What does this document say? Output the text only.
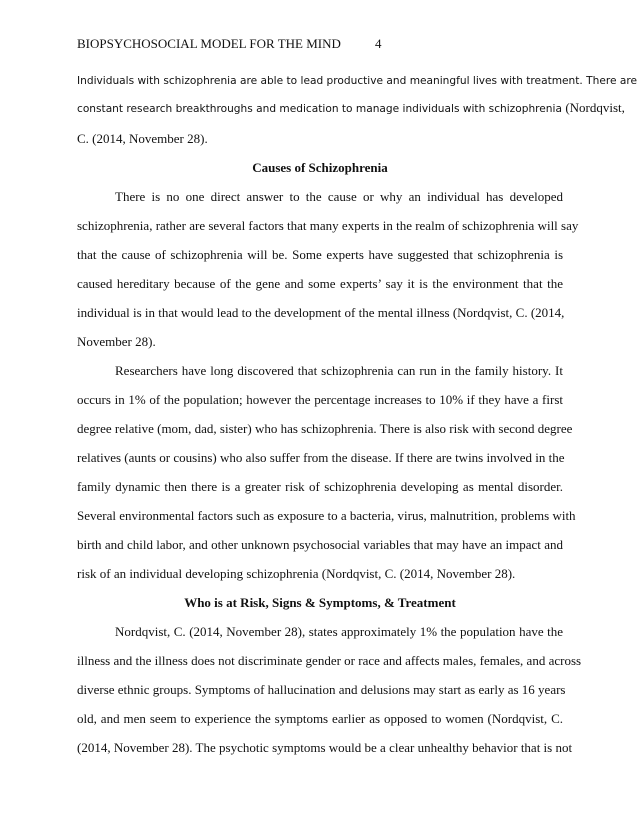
BIOPSYCHOSOCIAL MODEL FOR THE MIND	4
Individuals with schizophrenia are able to lead productive and meaningful lives with treatment. There are
constant research breakthroughs and medication to manage individuals with schizophrenia (Nordqvist,
C. (2014, November 28).
Causes of Schizophrenia
There is no one direct answer to the cause or why an individual has developed
schizophrenia, rather are several factors that many experts in the realm of schizophrenia will say
that the cause of schizophrenia will be. Some experts have suggested that schizophrenia is
caused hereditary because of the gene and some experts’ say it is the environment that the
individual is in that would lead to the development of the mental illness (Nordqvist, C. (2014,
November 28).
Researchers have long discovered that schizophrenia can run in the family history. It
occurs in 1% of the population; however the percentage increases to 10% if they have a first
degree relative (mom, dad, sister) who has schizophrenia. There is also risk with second degree
relatives (aunts or cousins) who also suffer from the disease. If there are twins involved in the
family dynamic then there is a greater risk of schizophrenia developing as mental disorder.
Several environmental factors such as exposure to a bacteria, virus, malnutrition, problems with
birth and child labor, and other unknown psychosocial variables that may have an impact and
risk of an individual developing schizophrenia (Nordqvist, C. (2014, November 28).
Who is at Risk, Signs & Symptoms, & Treatment
Nordqvist, C. (2014, November 28), states approximately 1% the population have the
illness and the illness does not discriminate gender or race and affects males, females, and across
diverse ethnic groups. Symptoms of hallucination and delusions may start as early as 16 years
old, and men seem to experience the symptoms earlier as opposed to women (Nordqvist, C.
(2014, November 28). The psychotic symptoms would be a clear unhealthy behavior that is not
